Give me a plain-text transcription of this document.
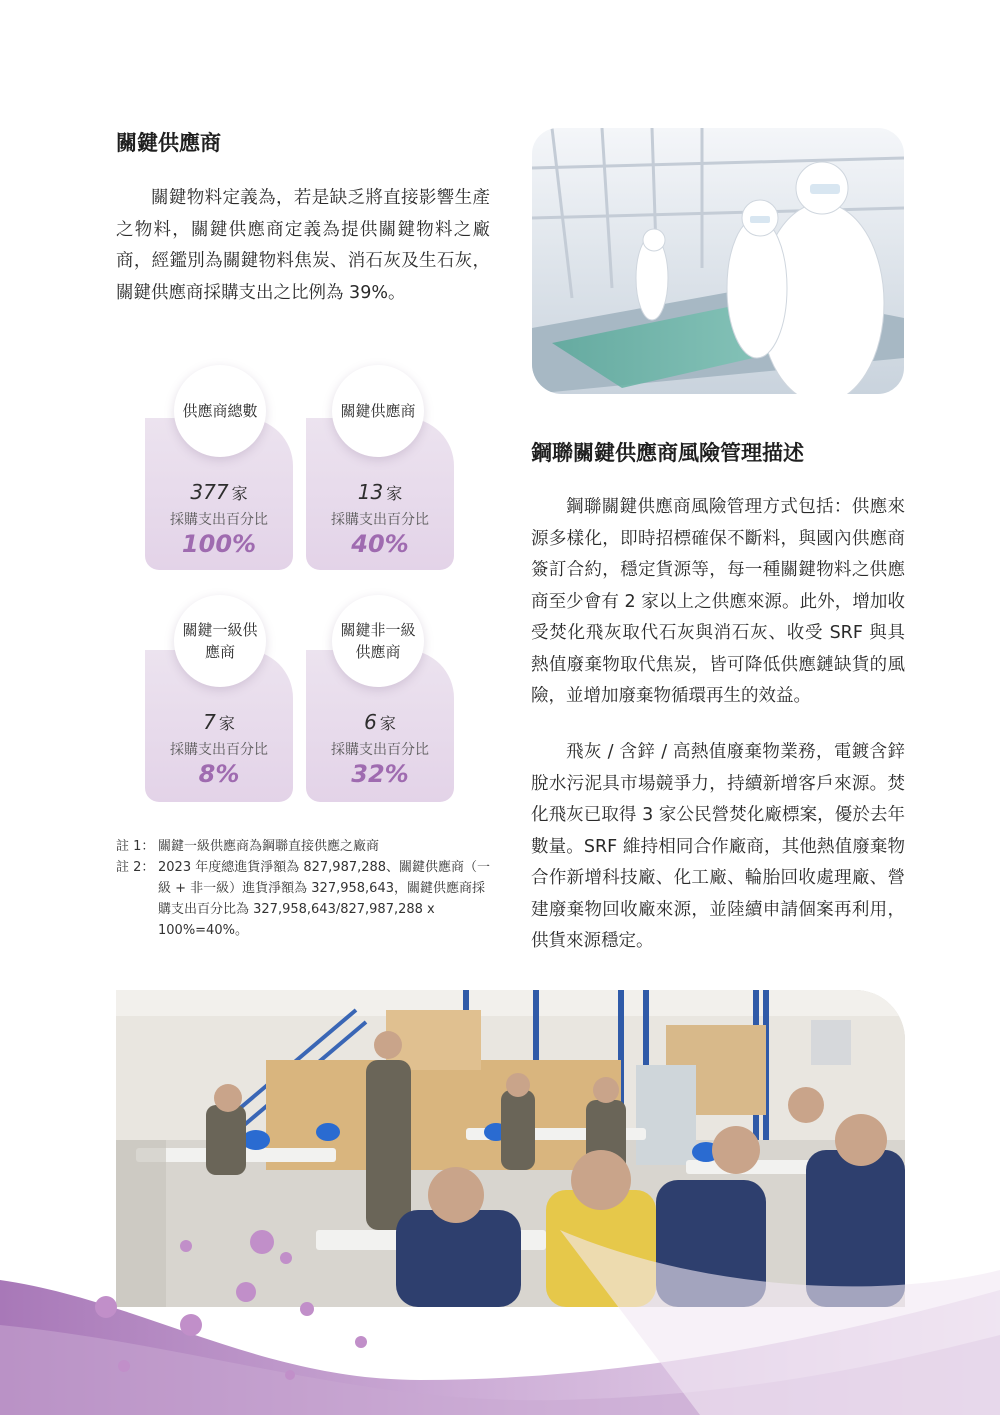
關鍵供應商

關鍵物料定義為，若是缺乏將直接影響生產之物料，關鍵供應商定義為提供關鍵物料之廠商，經鑑別為關鍵物料焦炭、消石灰及生石灰，關鍵供應商採購支出之比例為 39%。

供應商總數
377 家
採購支出百分比
100%
關鍵供應商
13 家
採購支出百分比
40%
關鍵一級供應商
7 家
採購支出百分比
8%
關鍵非一級供應商
6 家
採購支出百分比
32%
註 1： 關鍵一級供應商為鋼聯直接供應之廠商

註 2： 2023 年度總進貨淨額為 827,987,288、關鍵供應商（一級 + 非一級）進貨淨額為 327,958,643，關鍵供應商採購支出百分比為 327,958,643/827,987,288 x 100%=40%。

鋼聯關鍵供應商風險管理描述

鋼聯關鍵供應商風險管理方式包括：供應來源多樣化，即時招標確保不斷料，與國內供應商簽訂合約，穩定貨源等，每一種關鍵物料之供應商至少會有 2 家以上之供應來源。此外，增加收受焚化飛灰取代石灰與消石灰、收受 SRF 與具熱值廢棄物取代焦炭，皆可降低供應鏈缺貨的風險，並增加廢棄物循環再生的效益。

飛灰 / 含鋅 / 高熱值廢棄物業務，電鍍含鋅脫水污泥具市場競爭力，持續新增客戶來源。焚化飛灰已取得 3 家公民營焚化廠標案，優於去年數量。SRF 維持相同合作廠商，其他熱值廢棄物合作新增科技廠、化工廠、輪胎回收處理廠、營建廢棄物回收廠來源，並陸續申請個案再利用，供貨來源穩定。
